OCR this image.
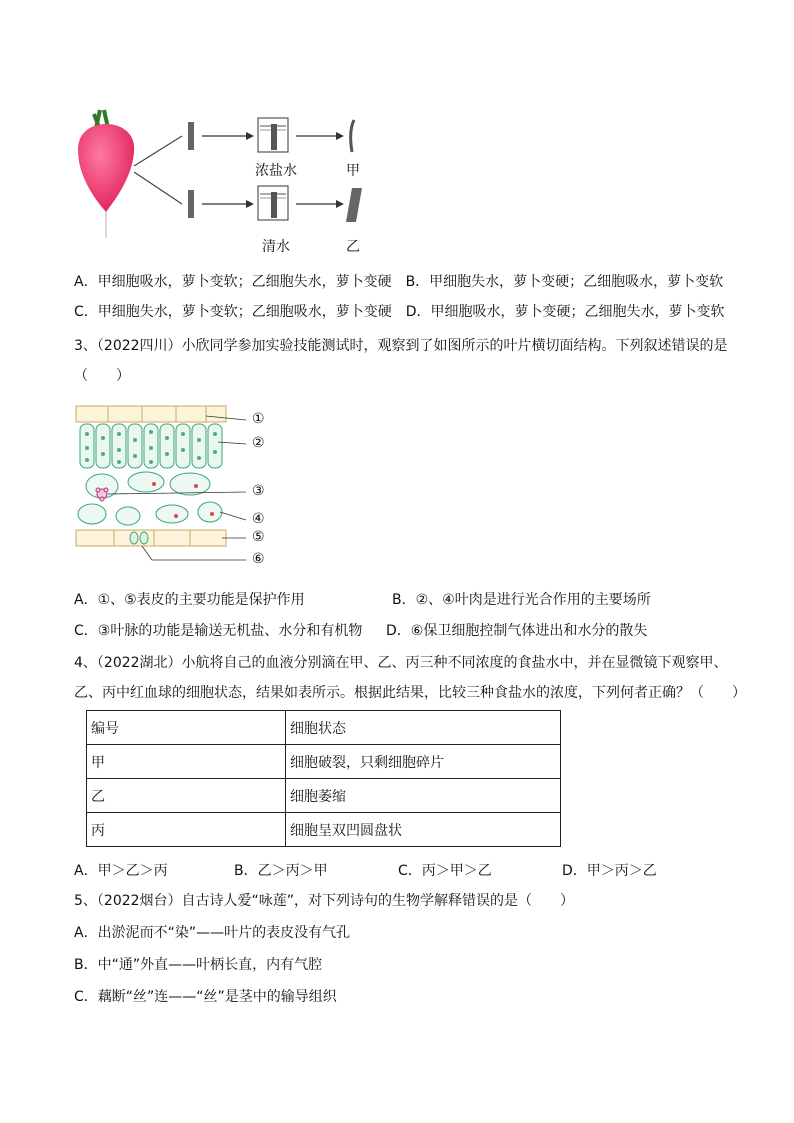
浓盐水	甲
清水	乙
A．甲细胞吸水，萝卜变软；乙细胞失水，萝卜变硬 B．甲细胞失水，萝卜变硬；乙细胞吸水，萝卜变软
C．甲细胞失水，萝卜变软；乙细胞吸水，萝卜变硬 D．甲细胞吸水，萝卜变硬；乙细胞失水，萝卜变软
3、（2022四川）小欣同学参加实验技能测试时，观察到了如图所示的叶片横切面结构。下列叙述错误的是
（　　）
①
②
③
④
⑤
⑥
A．①、⑤表皮的主要功能是保护作用	B．②、④叶肉是进行光合作用的主要场所
C．③叶脉的功能是输送无机盐、水分和有机物 D．⑥保卫细胞控制气体进出和水分的散失
4、（2022湖北）小航将自己的血液分别滴在甲、乙、丙三种不同浓度的食盐水中，并在显微镜下观察甲、
乙、丙中红血球的细胞状态，结果如表所示。根据此结果，比较三种食盐水的浓度，下列何者正确？（　　）
编号	细胞状态
甲	细胞破裂，只剩细胞碎片
乙	细胞萎缩
丙	细胞呈双凹圆盘状
A．甲＞乙＞丙	B．乙＞丙＞甲	C．丙＞甲＞乙	D．甲＞丙＞乙
5、（2022烟台）自古诗人爱“咏莲”，对下列诗句的生物学解释错误的是（　　）
A．出淤泥而不“染”——叶片的表皮没有气孔
B．中“通”外直——叶柄长直，内有气腔
C．藕断“丝”连——“丝”是茎中的输导组织
